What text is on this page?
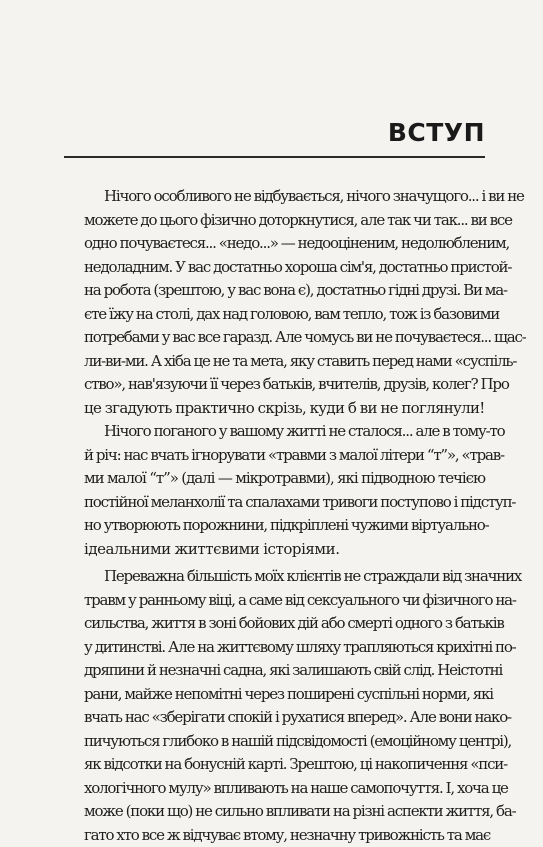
ВСТУП
Нічого особливого не відбувається, нічого значущого... і ви не
можете до цього фізично доторкнутися, але так чи так... ви все
одно почуваєтеся... «недо...» — недооціненим, недолюбленим,
недоладним. У вас достатньо хороша сім'я, достатньо пристой-
на робота (зрештою, у вас вона є), достатньо гідні друзі. Ви ма-
єте їжу на столі, дах над головою, вам тепло, тож із базовими
потребами у вас все гаразд. Але чомусь ви не почуваєтеся... щас-
ли-ви-ми. А хіба це не та мета, яку ставить перед нами «суспіль-
ство», нав'язуючи її через батьків, вчителів, друзів, колег? Про
це згадують практично скрізь, куди б ви не поглянули!
Нічого поганого у вашому житті не сталося... але в тому-то
й річ: нас вчать ігнорувати «травми з малої літери “т”», «трав-
ми малої “т”» (далі — мікротравми), які підводною течією
постійної меланхолії та спалахами тривоги поступово і підступ-
но утворюють порожнини, підкріплені чужими віртуально-
ідеальними життєвими історіями.
Переважна більшість моїх клієнтів не страждали від значних
травм у ранньому віці, а саме від сексуального чи фізичного на-
сильства, життя в зоні бойових дій або смерті одного з батьків
у дитинстві. Але на життєвому шляху трапляються крихітні по-
дряпини й незначні садна, які залишають свій слід. Неістотні
рани, майже непомітні через поширені суспільні норми, які
вчать нас «зберігати спокій і рухатися вперед». Але вони нако-
пичуються глибоко в нашій підсвідомості (емоційному центрі),
як відсотки на бонусній карті. Зрештою, ці накопичення «пси-
хологічного мулу» впливають на наше самопочуття. І, хоча це
може (поки що) не сильно впливати на різні аспекти життя, ба-
гато хто все ж відчуває втому, незначну тривожність та має
